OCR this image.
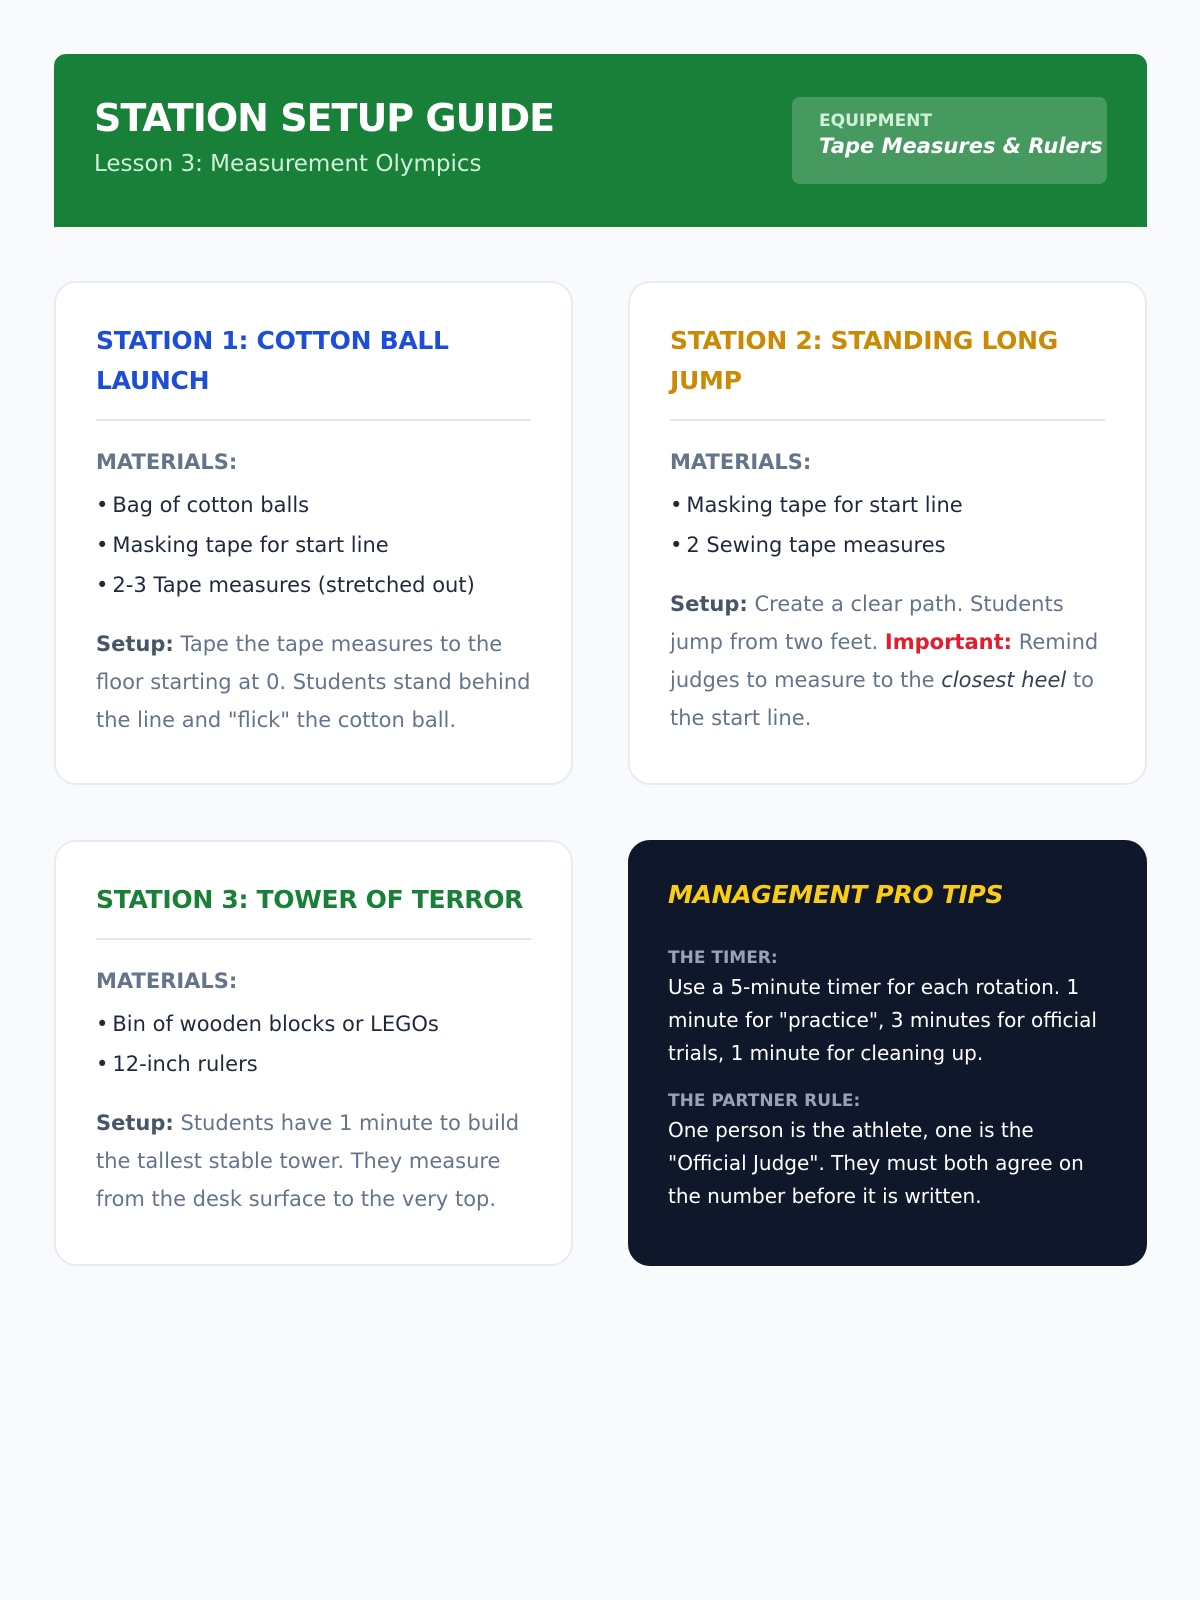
STATION SETUP GUIDE
Lesson 3: Measurement Olympics
EQUIPMENT
Tape Measures & Rulers
STATION 1: COTTON BALL LAUNCH
MATERIALS:
• Bag of cotton balls
• Masking tape for start line
• 2-3 Tape measures (stretched out)
Setup: Tape the tape measures to the floor starting at 0. Students stand behind the line and "flick" the cotton ball.
STATION 2: STANDING LONG JUMP
MATERIALS:
• Masking tape for start line
• 2 Sewing tape measures
Setup: Create a clear path. Students jump from two feet. Important: Remind judges to measure to the closest heel to the start line.
STATION 3: TOWER OF TERROR
MATERIALS:
• Bin of wooden blocks or LEGOs
• 12-inch rulers
Setup: Students have 1 minute to build the tallest stable tower. They measure from the desk surface to the very top.
MANAGEMENT PRO TIPS
THE TIMER:
Use a 5-minute timer for each rotation. 1 minute for "practice", 3 minutes for official trials, 1 minute for cleaning up.
THE PARTNER RULE:
One person is the athlete, one is the "Official Judge". They must both agree on the number before it is written.
